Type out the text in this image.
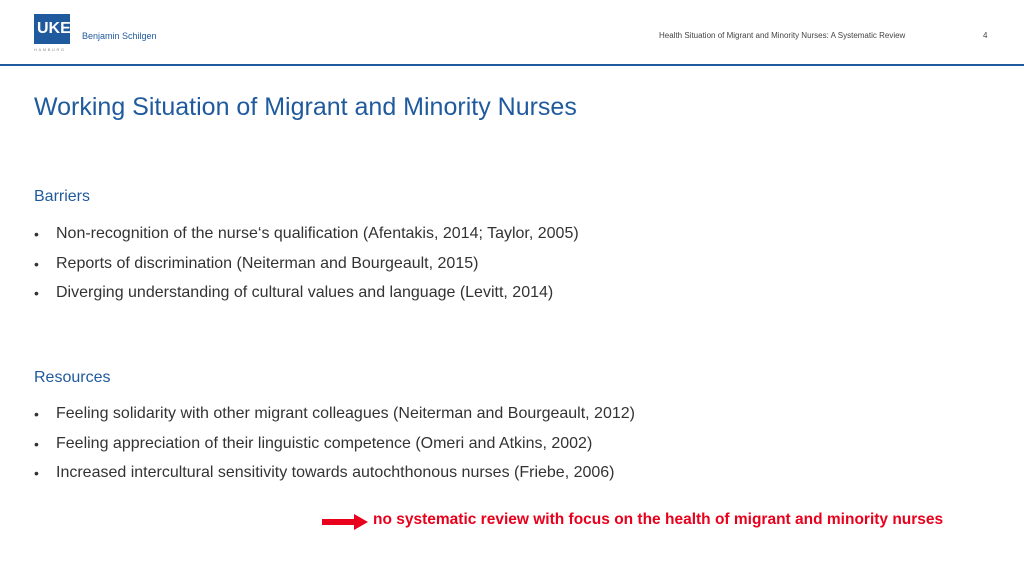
UKE
HAMBURG
Benjamin Schilgen	Health Situation of Migrant and Minority Nurses: A Systematic Review	4
Working Situation of Migrant and Minority Nurses
Barriers
•	Non-recognition of the nurse‘s qualification (Afentakis, 2014; Taylor, 2005)
•	Reports of discrimination (Neiterman and Bourgeault, 2015)
•	Diverging understanding of cultural values and language (Levitt, 2014)
Resources
•	Feeling solidarity with other migrant colleagues (Neiterman and Bourgeault, 2012)
•	Feeling appreciation of their linguistic competence (Omeri and Atkins, 2002)
•	Increased intercultural sensitivity towards autochthonous nurses (Friebe, 2006)
no systematic review with focus on the health of migrant and minority nurses
